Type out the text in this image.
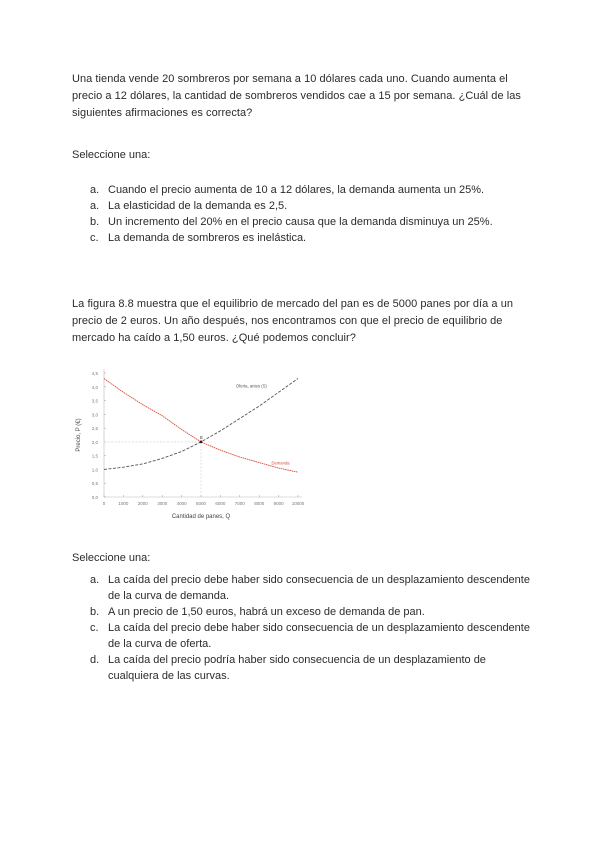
Una tienda vende 20 sombreros por semana a 10 dólares cada uno. Cuando aumenta el precio a 12 dólares, la cantidad de sombreros vendidos cae a 15 por semana. ¿Cuál de las siguientes afirmaciones es correcta?

Seleccione una:

a. Cuando el precio aumenta de 10 a 12 dólares, la demanda aumenta un 25%.
a. La elasticidad de la demanda es 2,5.
b. Un incremento del 20% en el precio causa que la demanda disminuya un 25%.
c. La demanda de sombreros es inelástica.

La figura 8.8 muestra que el equilibrio de mercado del pan es de 5000 panes por día a un precio de 2 euros. Un año después, nos encontramos con que el precio de equilibrio de mercado ha caído a 1,50 euros. ¿Qué podemos concluir?

0,0
0,5
1,0
1,5
2,0
2,5
3,0
3,5
4,0
4,5
0	1000 2000 3000 4000 5000 6000 7000 8000 9000 10000
Oferta, antes (S)
Demanda
E
Cantidad de panes, Q
Precio, P (€)

Seleccione una:

a. La caída del precio debe haber sido consecuencia de un desplazamiento descendente de la curva de demanda.
b. A un precio de 1,50 euros, habrá un exceso de demanda de pan.
c. La caída del precio debe haber sido consecuencia de un desplazamiento descendente de la curva de oferta.
d. La caída del precio podría haber sido consecuencia de un desplazamiento de cualquiera de las curvas.
